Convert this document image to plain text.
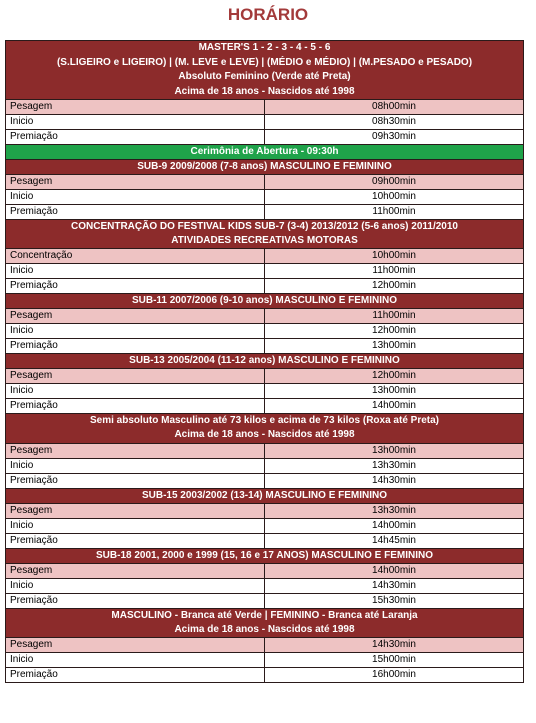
HORÁRIO
MASTER'S 1 - 2 - 3 - 4 - 5 - 6	
(S.LIGEIRO e LIGEIRO) | (M. LEVE e LEVE) | (MÉDIO e MÉDIO) | (M.PESADO e PESADO)	
Absoluto Feminino (Verde até Preta)	
Acima de 18 anos - Nascidos até 1998	
Pesagem	08h00min
Inicio	08h30min
Premiação	09h30min
Cerimônia de Abertura - 09:30h	
SUB-9 2009/2008 (7-8 anos) MASCULINO E FEMININO	
Pesagem	09h00min
Inicio	10h00min
Premiação	11h00min
CONCENTRAÇÃO DO FESTIVAL KIDS SUB-7 (3-4) 2013/2012 (5-6 anos) 2011/2010	
ATIVIDADES RECREATIVAS MOTORAS	
Concentração	10h00min
Inicio	11h00min
Premiação	12h00min
SUB-11 2007/2006 (9-10 anos) MASCULINO E FEMININO	
Pesagem	11h00min
Inicio	12h00min
Premiação	13h00min
SUB-13 2005/2004 (11-12 anos) MASCULINO E FEMININO	
Pesagem	12h00min
Inicio	13h00min
Premiação	14h00min
Semi absoluto Masculino até 73 kilos e acima de 73 kilos (Roxa até Preta)	
Acima de 18 anos - Nascidos até 1998	
Pesagem	13h00min
Inicio	13h30min
Premiação	14h30min
SUB-15 2003/2002 (13-14) MASCULINO E FEMININO	
Pesagem	13h30min
Inicio	14h00min
Premiação	14h45min
SUB-18 2001, 2000 e 1999 (15, 16 e 17 ANOS) MASCULINO E FEMININO	
Pesagem	14h00min
Inicio	14h30min
Premiação	15h30min
MASCULINO - Branca até Verde | FEMININO - Branca até Laranja	
Acima de 18 anos - Nascidos até 1998	
Pesagem	14h30min
Inicio	15h00min
Premiação	16h00min
